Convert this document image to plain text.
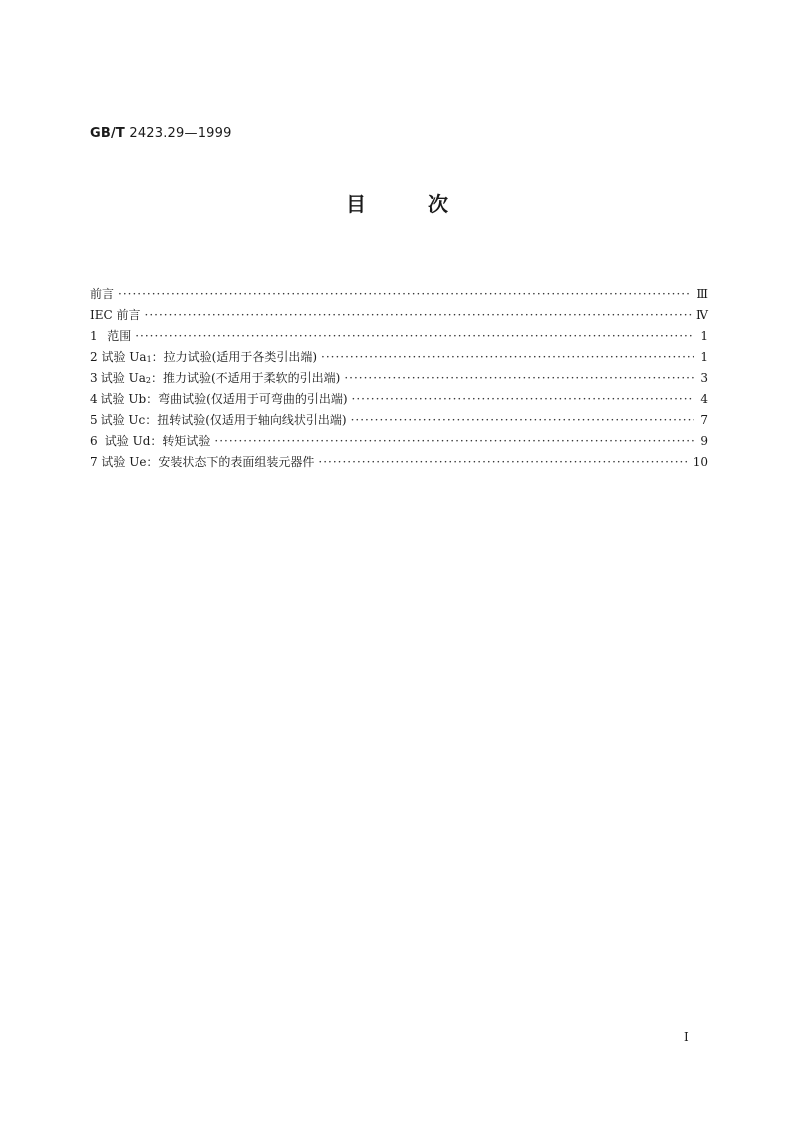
GB/T 2423.29—1999
目	次
前言 ·····	Ⅲ
IEC 前言 ·····	Ⅳ
1 范围 ·····	1
2 试验 $Ua_1$：拉力试验(适用于各类引出端) ·····	1
3 试验 $Ua_2$：推力试验(不适用于柔软的引出端) ·····	3
4 试验 Ub：弯曲试验(仅适用于可弯曲的引出端) ·····	4
5 试验 Uc：扭转试验(仅适用于轴向线状引出端) ·····	7
6 试验 Ud：转矩试验 ·····	9
7 试验 Ue：安装状态下的表面组装元器件 ·····	10
I
